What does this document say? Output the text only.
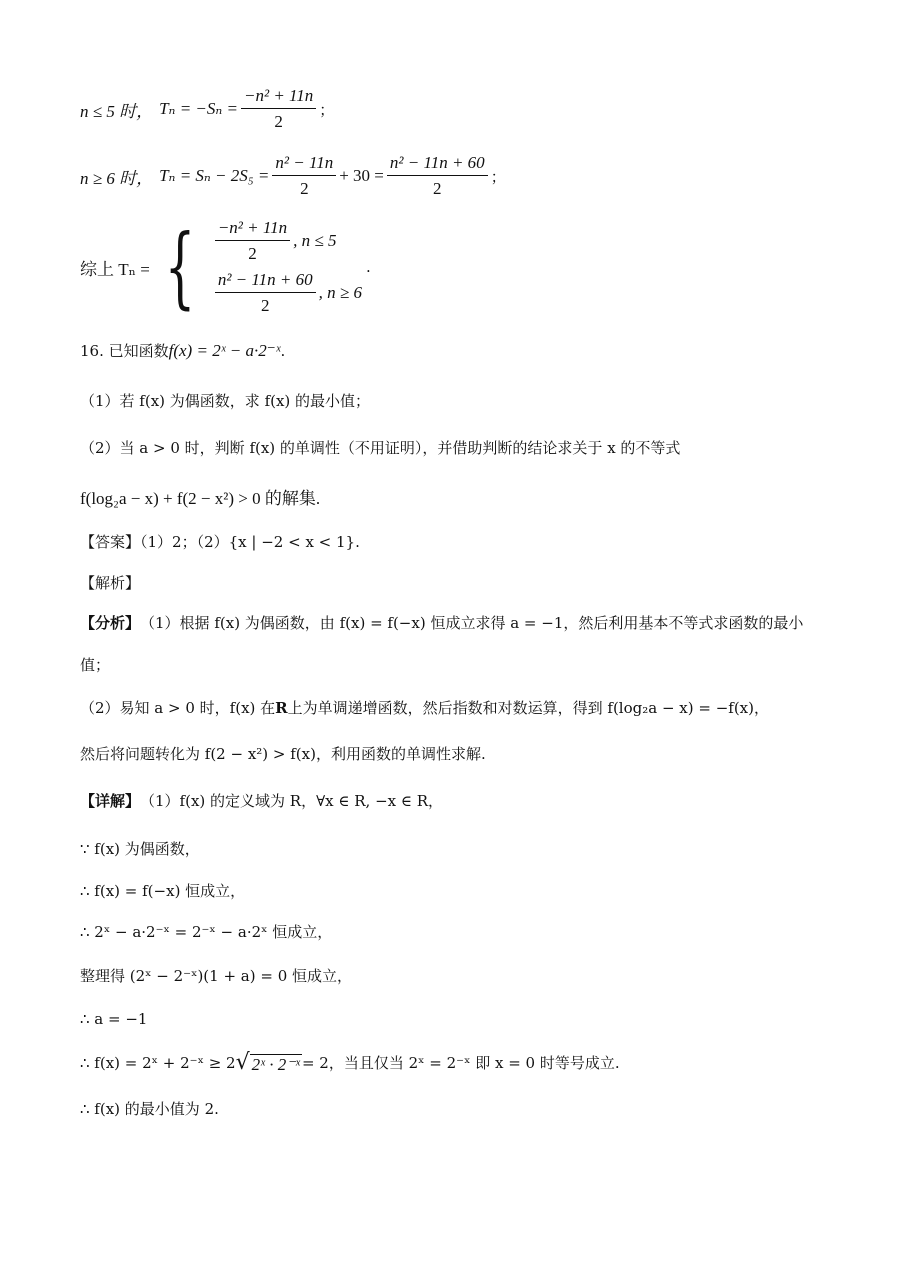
n ≤ 5 时， $T_n = -S_n = \frac{\text{−n² + 11n}}{2}$ ；
n ≥ 6 时， $T_n = S_n - 2S_5 = \frac{\text{n² − 11n}}{2} + 30 = \frac{\text{n² − 11n + 60}}{2}$ ；
综上 Tₙ = { $\frac{\text{−n² + 11n}}{2}$ , n ≤ 5
$\frac{\text{n² − 11n + 60}}{2}$ , n ≥ 6
.
16. 已知函数 f(x) = 2ˣ − a·2⁻ˣ .
（1）若 f(x) 为偶函数，求 f(x) 的最小值；
（2）当 a > 0 时，判断 f(x) 的单调性（不用证明），并借助判断的结论求关于 x 的不等式
f(log₂a − x) + f(2 − x²) > 0 的解集.
【答案】（1）2；（2）{x | −2 < x < 1}.
【解析】
【分析】 （1）根据 f(x) 为偶函数，由 f(x) = f(−x) 恒成立求得 a = −1，然后利用基本不等式求函数的最小
值；
（2）易知 a > 0 时，f(x) 在 R 上为单调递增函数，然后指数和对数运算，得到 f(log₂a − x) = −f(x)，
然后将问题转化为 f(2 − x²) > f(x)，利用函数的单调性求解.
【详解】 （1）f(x) 的定义域为 R，∀x ∈ R, −x ∈ R，
∵ f(x) 为偶函数，
∴ f(x) = f(−x) 恒成立，
∴ 2ˣ − a·2⁻ˣ = 2⁻ˣ − a·2ˣ 恒成立，
整理得 (2ˣ − 2⁻ˣ)(1 + a) = 0 恒成立，
∴ a = −1
∴ f(x) = 2ˣ + 2⁻ˣ ≥ 2 √ 2ˣ · 2⁻ˣ = 2，当且仅当 2ˣ = 2⁻ˣ 即 x = 0 时等号成立.
∴ f(x) 的最小值为 2.
